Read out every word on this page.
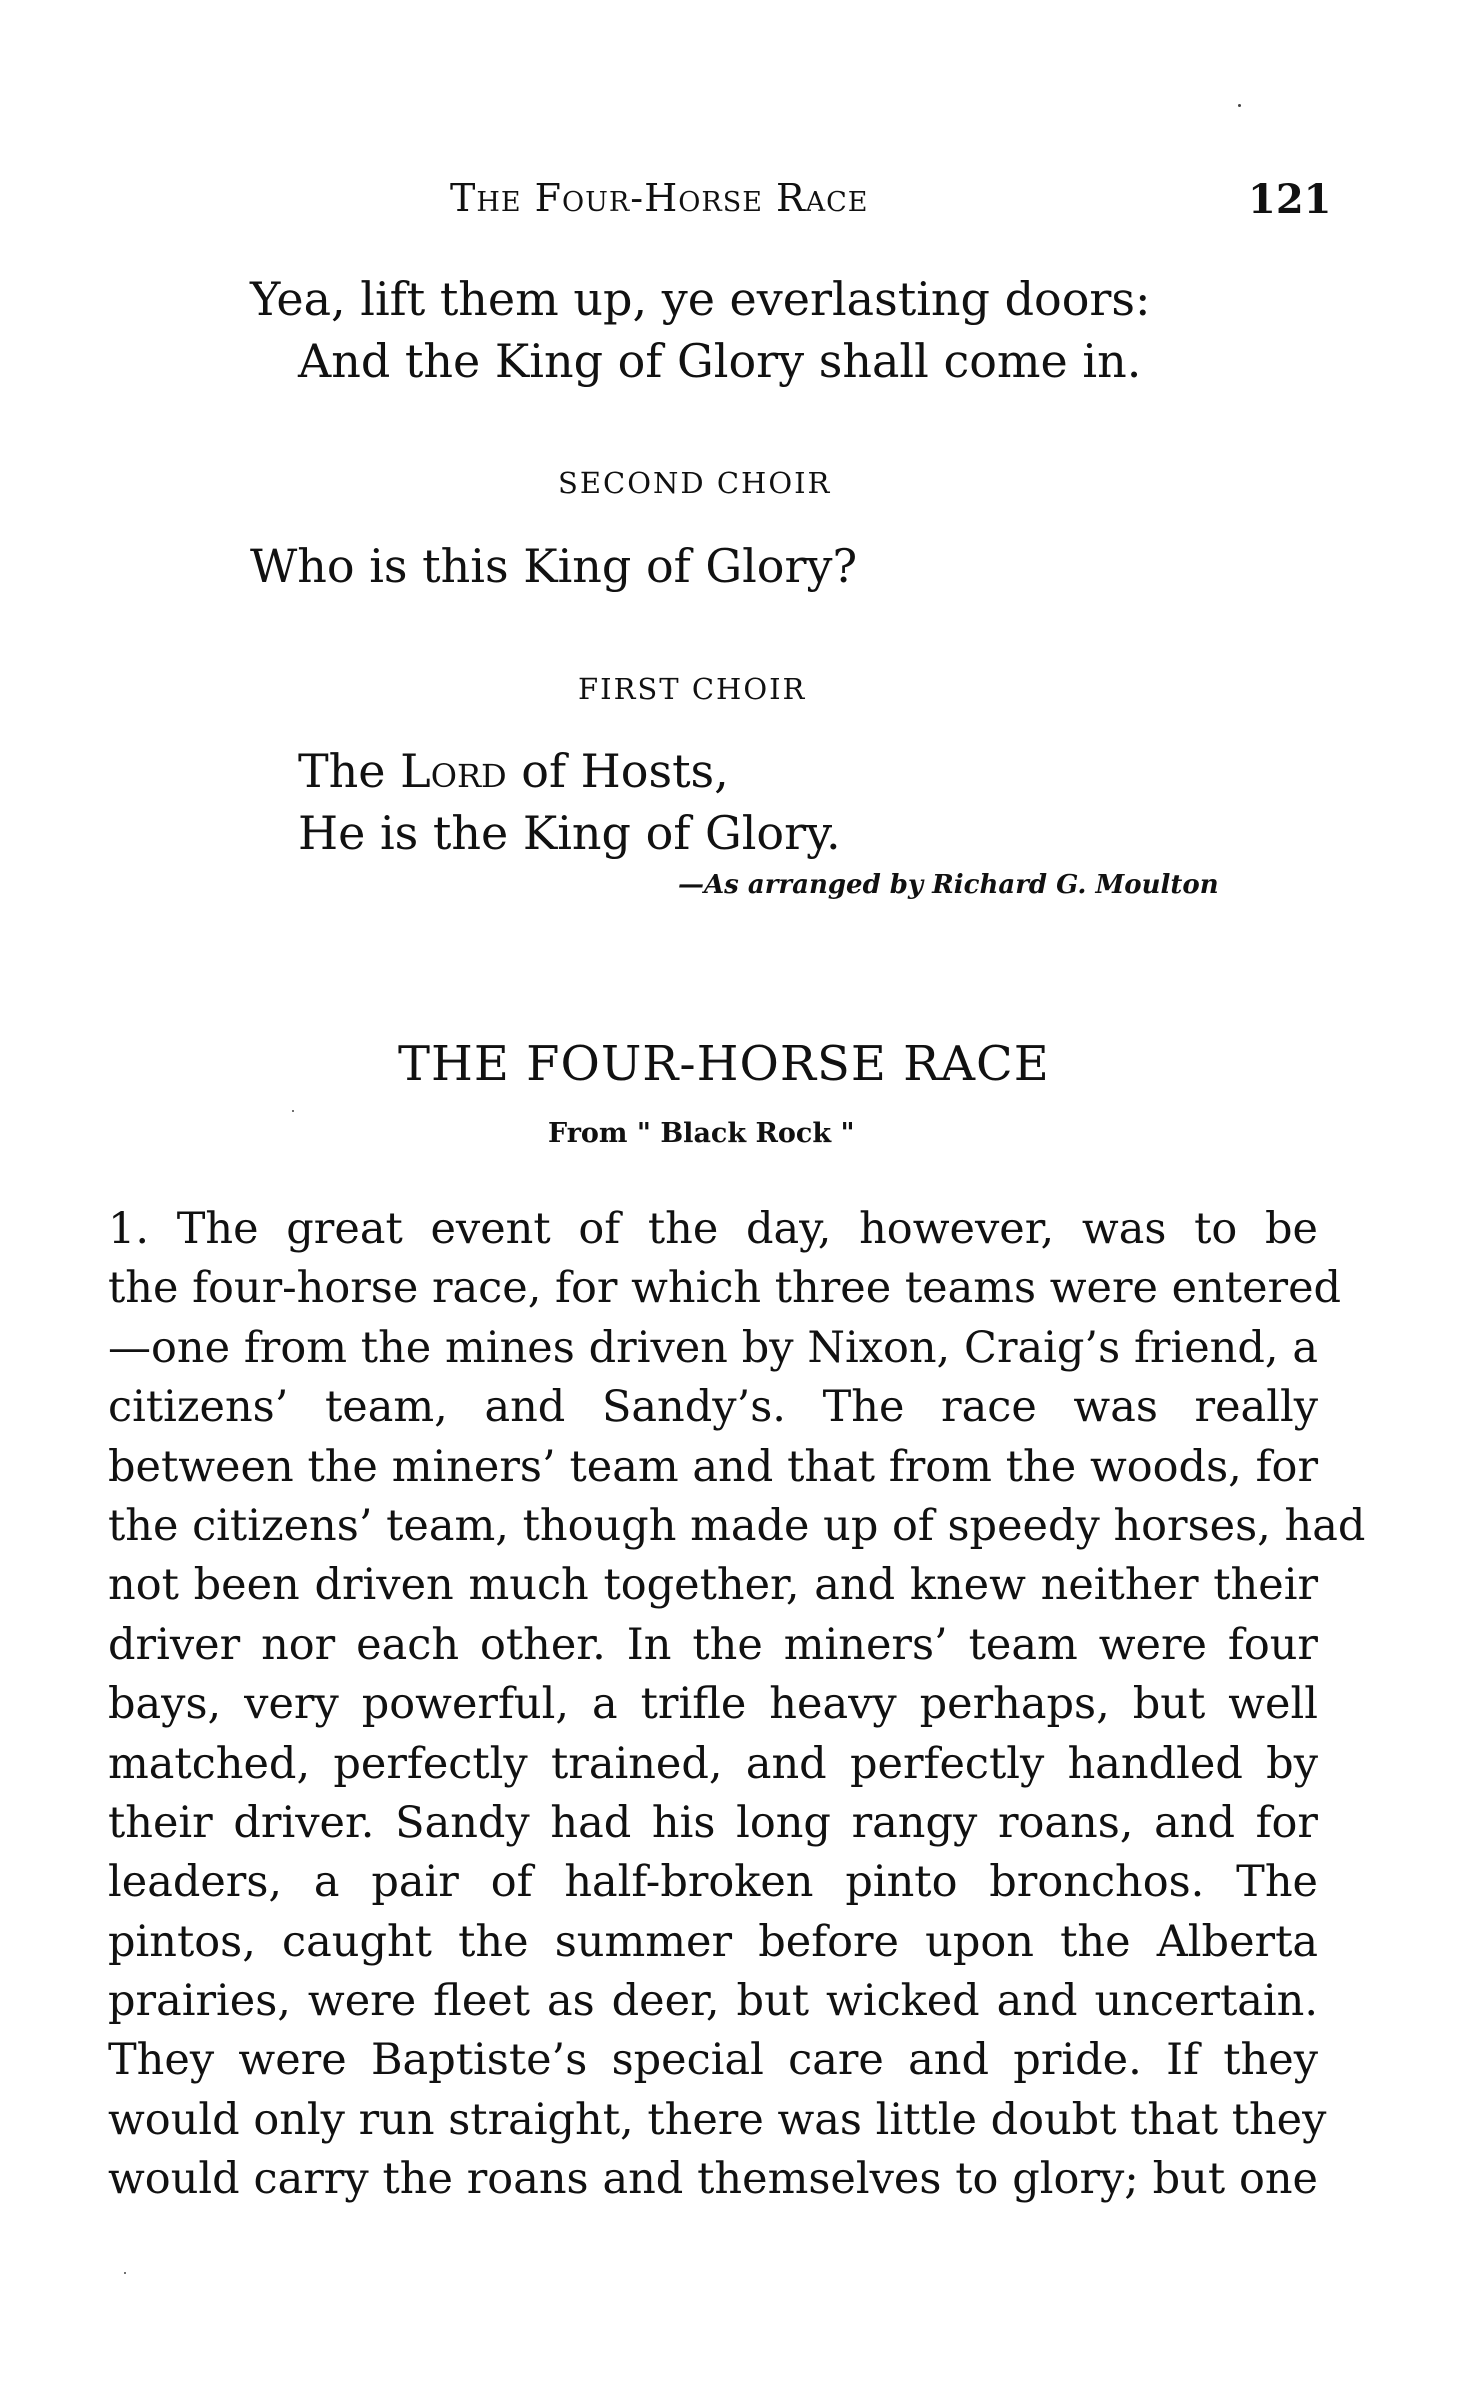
The Four-Horse Race	121
Yea, lift them up, ye everlasting doors:
And the King of Glory shall come in.
SECOND CHOIR
Who is this King of Glory?
FIRST CHOIR
The Lord of Hosts,
He is the King of Glory.
—As arranged by Richard G. Moulton
THE FOUR-HORSE RACE
From " Black Rock "
1. The great event of the day, however, was to be
the four-horse race, for which three teams were entered
—one from the mines driven by Nixon, Craig’s friend, a
citizens’ team, and Sandy’s. The race was really
between the miners’ team and that from the woods, for
the citizens’ team, though made up of speedy horses, had
not been driven much together, and knew neither their
driver nor each other. In the miners’ team were four
bays, very powerful, a trifle heavy perhaps, but well
matched, perfectly trained, and perfectly handled by
their driver. Sandy had his long rangy roans, and for
leaders, a pair of half-broken pinto bronchos. The
pintos, caught the summer before upon the Alberta
prairies, were fleet as deer, but wicked and uncertain.
They were Baptiste’s special care and pride. If they
would only run straight, there was little doubt that they
would carry the roans and themselves to glory; but one
